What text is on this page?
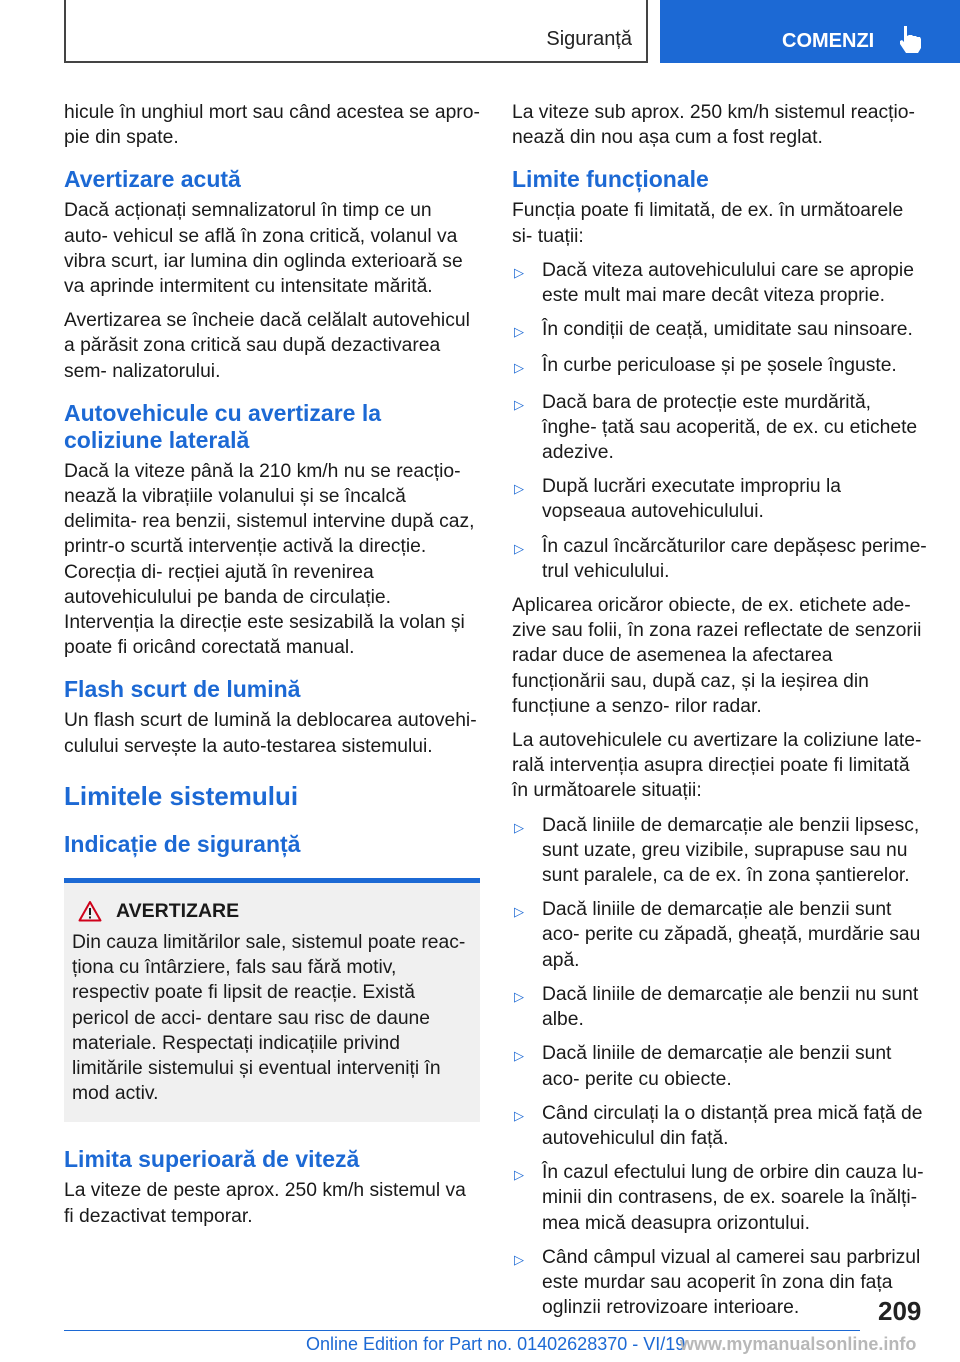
Siguranță	COMENZI

hicule în unghiul mort sau când acestea se apro- pie din spate.

Avertizare acută

Dacă acționați semnalizatorul în timp ce un auto- vehicul se află în zona critică, volanul va vibra scurt, iar lumina din oglinda exterioară se va aprinde intermitent cu intensitate mărită.

Avertizarea se încheie dacă celălalt autovehicul a părăsit zona critică sau după dezactivarea sem- nalizatorului.

Autovehicule cu avertizare la coliziune laterală

Dacă la viteze până la 210 km/h nu se reacțio- nează la vibrațiile volanului și se încalcă delimita- rea benzii, sistemul intervine după caz, printr-o scurtă intervenție activă la direcție. Corecția di- recției ajută în revenirea autovehiculului pe banda de circulație. Intervenția la direcție este sesizabilă la volan și poate fi oricând corectată manual.

Flash scurt de lumină

Un flash scurt de lumină la deblocarea autovehi- culului servește la auto-testarea sistemului.

Limitele sistemului
Indicație de siguranță
AVERTIZARE

Din cauza limitărilor sale, sistemul poate reac- ționa cu întârziere, fals sau fără motiv, respectiv poate fi lipsit de reacție. Există pericol de acci- dentare sau risc de daune materiale. Respectați indicațiile privind limitările sistemului și eventual interveniți în mod activ.

Limita superioară de viteză

La viteze de peste aprox. 250 km/h sistemul va fi dezactivat temporar.

La viteze sub aprox. 250 km/h sistemul reacțio- nează din nou așa cum a fost reglat.

Limite funcționale

Funcția poate fi limitată, de ex. în următoarele si- tuații:

▷ Dacă viteza autovehiculului care se apropie este mult mai mare decât viteza proprie.
▷ În condiții de ceață, umiditate sau ninsoare.
▷ În curbe periculoase și pe șosele înguste.
▷ Dacă bara de protecție este murdărită, înghe- țată sau acoperită, de ex. cu etichete adezive.
▷ După lucrări executate impropriu la vopseaua autovehiculului.
▷ În cazul încărcăturilor care depășesc perime- trul vehiculului.

Aplicarea oricăror obiecte, de ex. etichete ade- zive sau folii, în zona razei reflectate de senzorii radar duce de asemenea la afectarea funcționării sau, după caz, și la ieșirea din funcțiune a senzo- rilor radar.

La autovehiculele cu avertizare la coliziune late- rală intervenția asupra direcției poate fi limitată în următoarele situații:

▷ Dacă liniile de demarcație ale benzii lipsesc, sunt uzate, greu vizibile, suprapuse sau nu sunt paralele, ca de ex. în zona șantierelor.
▷ Dacă liniile de demarcație ale benzii sunt aco- perite cu zăpadă, gheață, murdărie sau apă.
▷ Dacă liniile de demarcație ale benzii nu sunt albe.
▷ Dacă liniile de demarcație ale benzii sunt aco- perite cu obiecte.
▷ Când circulați la o distanță prea mică față de autovehiculul din față.
▷ În cazul efectului lung de orbire din cauza lu- minii din contrasens, de ex. soarele la înălți- mea mică deasupra orizontului.
▷ Când câmpul vizual al camerei sau parbrizul este murdar sau acoperit în zona din fața oglinzii retrovizoare interioare.	209
Online Edition for Part no. 01402628370 - VI/19
www.mymanualsonline.info
